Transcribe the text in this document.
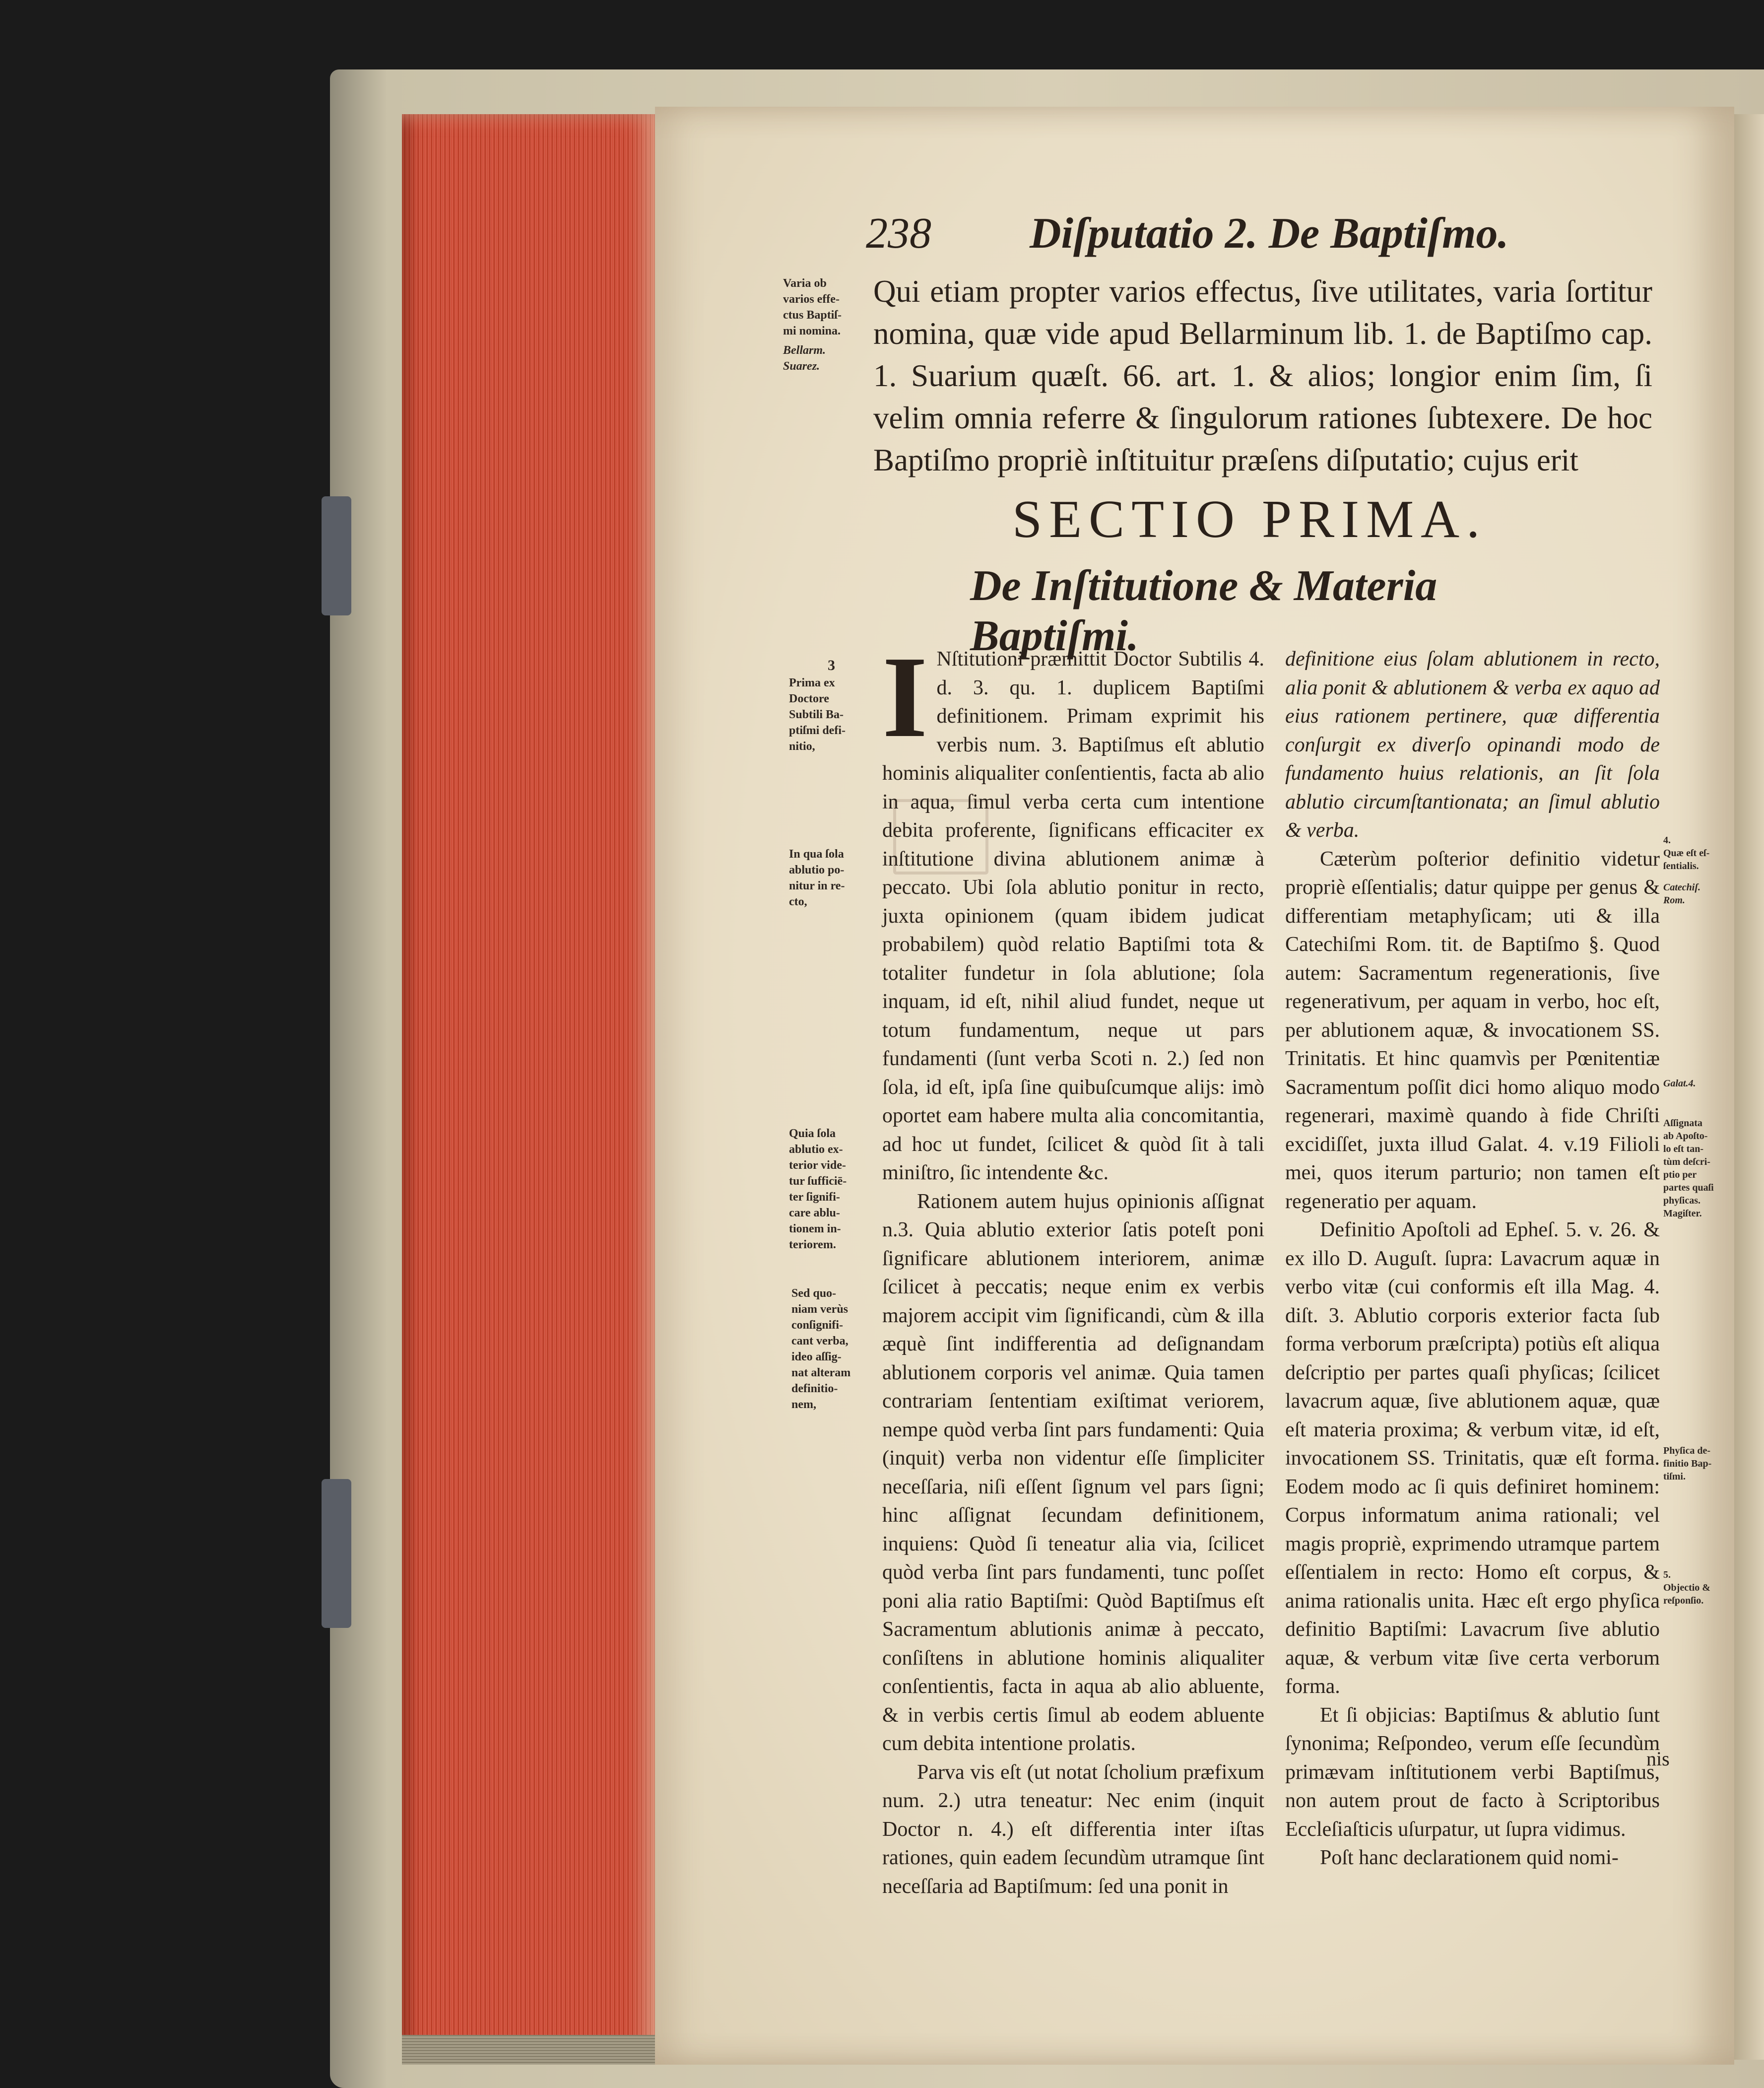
238 Diſputatio 2. De Baptiſmo.
Qui etiam propter varios effectus, ſive utilitates, varia ſortitur nomina, quæ vide apud Bellarminum lib. 1. de Baptiſmo cap. 1. Suarium quæſt. 66. art. 1. & alios; longior enim ſim, ſi velim omnia referre & ſingulorum rationes ſubtexere. De hoc Baptiſmo propriè inſtituitur præſens diſputatio; cujus erit
SECTIO PRIMA.
De Inſtitutione & Materia Baptiſmi.
Varia ob
varios effe-
ctus Baptiſ-
mi nomina.
Bellarm.
Suarez.
3
Prima ex
Doctore
Subtili Ba-
ptiſmi defi-
nitio,
In qua ſola
ablutio po-
nitur in re-
ctο,
Quia ſola
ablutio ex-
terior vide-
tur ſufficiē-
ter ſignifi-
care ablu-
tionem in-
teriorem.
Sed quo-
niam verùs
conſignifi-
cant verba,
ideo aſſig-
nat alteram
definitio-
nem,
4.
Quæ eſt eſ-
ſentialis.
Catechiſ.
Rom.
Galat.4.
Aſſignata
ab Apoſto-
lo eſt tan-
tùm deſcri-
ptio per
partes quaſi
phyſicas.
Magiſter.
Phyſica de-
finitio Bap-
tiſmi.
5.
Objectio &
reſponſio.

I Nſtitutioni præmittit Doctor Subtilis 4. d. 3. qu. 1. duplicem Baptiſmi definitionem. Primam exprimit his verbis num. 3. Baptiſmus eſt ablutio hominis aliqualiter conſentientis, facta ab alio in aqua, ſimul verba certa cum intentione debita proferente, ſignificans efficaciter ex inſtitutione divina ablutionem animæ à peccato. Ubi ſola ablutio ponitur in recto, juxta opinionem (quam ibidem judicat probabilem) quòd relatio Baptiſmi tota & totaliter fundetur in ſola ablutione; ſola inquam, id eſt, nihil aliud fundet, neque ut totum fundamentum, neque ut pars fundamenti (ſunt verba Scoti n. 2.) ſed non ſola, id eſt, ipſa ſine quibuſcumque alijs: imò oportet eam habere multa alia concomitantia, ad hoc ut fundet, ſcilicet & quòd ſit à tali miniſtro, ſic intendente &c.

Rationem autem hujus opinionis aſſignat n.3. Quia ablutio exterior ſatis poteſt poni ſignificare ablutionem interiorem, animæ ſcilicet à peccatis; neque enim ex verbis majorem accipit vim ſignificandi, cùm & illa æquè ſint indifferentia ad deſignandam ablutionem corporis vel animæ. Quia tamen contrariam ſententiam exiſtimat veriorem, nempe quòd verba ſint pars fundamenti: Quia (inquit) verba non videntur eſſe ſimpliciter neceſſaria, niſi eſſent ſignum vel pars ſigni; hinc aſſignat ſecundam definitionem, inquiens: Quòd ſi teneatur alia via, ſcilicet quòd verba ſint pars fundamenti, tunc poſſet poni alia ratio Baptiſmi: Quòd Baptiſmus eſt Sacramentum ablutionis animæ à peccato, conſiſtens in ablutione hominis aliqualiter conſentientis, facta in aqua ab alio abluente, & in verbis certis ſimul ab eodem abluente cum debita intentione prolatis.

Parva vis eſt (ut notat ſcholium præfixum num. 2.) utra teneatur: Nec enim (inquit Doctor n. 4.) eſt differentia inter iſtas rationes, quin eadem ſecundùm utramque ſint neceſſaria ad Baptiſmum: ſed una ponit in

definitione eius ſolam ablutionem in recto, alia ponit & ablutionem & verba ex aquo ad eius rationem pertinere, quæ differentia conſurgit ex diverſo opinandi modo de fundamento huius relationis, an ſit ſola ablutio circumſtantionata; an ſimul ablutio & verba.

Cæterùm poſterior definitio videtur propriè eſſentialis; datur quippe per genus & differentiam metaphyſicam; uti & illa Catechiſmi Rom. tit. de Baptiſmo §. Quod autem: Sacramentum regenerationis, ſive regenerativum, per aquam in verbo, hoc eſt, per ablutionem aquæ, & invocationem SS. Trinitatis. Et hinc quamvìs per Pœnitentiæ Sacramentum poſſit dici homo aliquo modo regenerari, maximè quando à fide Chriſti excidiſſet, juxta illud Galat. 4. v.19 Filioli mei, quos iterum parturio; non tamen eſt regeneratio per aquam.

Definitio Apoſtoli ad Epheſ. 5. v. 26. & ex illo D. Auguſt. ſupra: Lavacrum aquæ in verbo vitæ (cui conformis eſt illa Mag. 4. diſt. 3. Ablutio corporis exterior facta ſub forma verborum præſcripta) potiùs eſt aliqua deſcriptio per partes quaſi phyſicas; ſcilicet lavacrum aquæ, ſive ablutionem aquæ, quæ eſt materia proxima; & verbum vitæ, id eſt, invocationem SS. Trinitatis, quæ eſt forma. Eodem modo ac ſi quis definiret hominem: Corpus informatum anima rationali; vel magis propriè, exprimendo utramque partem eſſentialem in recto: Homo eſt corpus, & anima rationalis unita. Hæc eſt ergo phyſica definitio Baptiſmi: Lavacrum ſive ablutio aquæ, & verbum vitæ ſive certa verborum forma.

Et ſi objicias: Baptiſmus & ablutio ſunt ſynonima; Reſpondeo, verum eſſe ſecundùm primævam inſtitutionem verbi Baptiſmus, non autem prout de facto à Scriptoribus Eccleſiaſticis uſurpatur, ut ſupra vidimus.

Poſt hanc declarationem quid nomi-

nis
